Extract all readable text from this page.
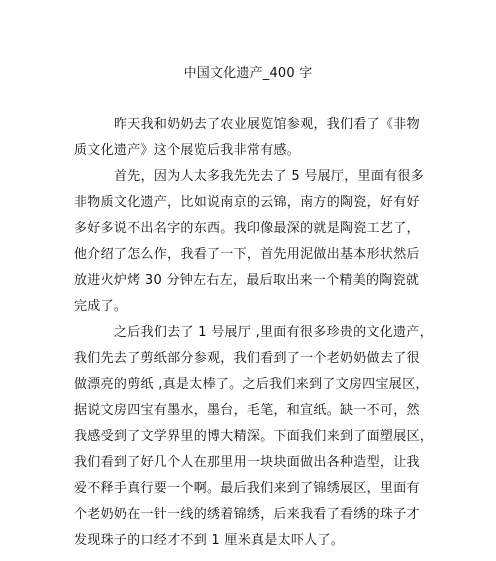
中国文化遗产_400 字
昨天我和奶奶去了农业展览馆参观，我们看了《非物
质文化遗产》这个展览后我非常有感。
首先，因为人太多我先先去了 5 号展厅，里面有很多
非物质文化遗产，比如说南京的云锦，南方的陶瓷，好有好
多好多说不出名字的东西。我印像最深的就是陶瓷工艺了，
他介绍了怎么作，我看了一下，首先用泥做出基本形状然后
放进火炉烤 30 分钟左右左，最后取出来一个精美的陶瓷就
完成了。
之后我们去了 1 号展厅 ,里面有很多珍贵的文化遗产，
我们先去了剪纸部分参观，我们看到了一个老奶奶做去了很
做漂亮的剪纸 ,真是太棒了。之后我们来到了文房四宝展区，
据说文房四宝有墨水，墨台，毛笔，和宣纸。缺一不可，然
我感受到了文学界里的博大精深。下面我们来到了面塑展区，
我们看到了好几个人在那里用一块块面做出各种造型，让我
爱不释手真行要一个啊。最后我们来到了锦绣展区，里面有
个老奶奶在一针一线的绣着锦绣，后来我看了看绣的珠子才
发现珠子的口经才不到 1 厘米真是太吓人了。
